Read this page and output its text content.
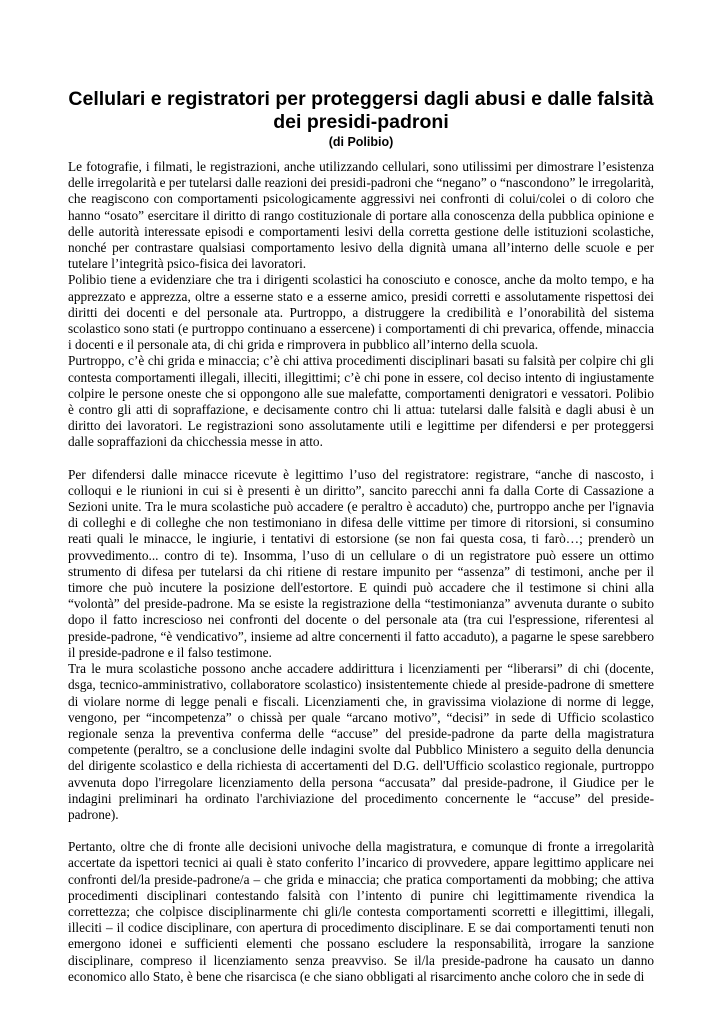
Cellulari e registratori per proteggersi dagli abusi e dalle falsità dei presidi-padroni
(di Polibio)

Le fotografie, i filmati, le registrazioni, anche utilizzando cellulari, sono utilissimi per dimostrare l’esistenza delle irregolarità e per tutelarsi dalle reazioni dei presidi-padroni che “negano” o “nascondono” le irregolarità, che reagiscono con comportamenti psicologicamente aggressivi nei confronti di colui/colei o di coloro che hanno “osato” esercitare il diritto di rango costituzionale di portare alla conoscenza della pubblica opinione e delle autorità interessate episodi e comportamenti lesivi della corretta gestione delle istituzioni scolastiche, nonché per contrastare qualsiasi comportamento lesivo della dignità umana all’interno delle scuole e per tutelare l’integrità psico-fisica dei lavoratori.

Polibio tiene a evidenziare che tra i dirigenti scolastici ha conosciuto e conosce, anche da molto tempo, e ha apprezzato e apprezza, oltre a esserne stato e a esserne amico, presidi corretti e assolutamente rispettosi dei diritti dei docenti e del personale ata. Purtroppo, a distruggere la credibilità e l’onorabilità del sistema scolastico sono stati (e purtroppo continuano a essercene) i comportamenti di chi prevarica, offende, minaccia i docenti e il personale ata, di chi grida e rimprovera in pubblico all’interno della scuola.

Purtroppo, c’è chi grida e minaccia; c’è chi attiva procedimenti disciplinari basati su falsità per colpire chi gli contesta comportamenti illegali, illeciti, illegittimi; c’è chi pone in essere, col deciso intento di ingiustamente colpire le persone oneste che si oppongono alle sue malefatte, comportamenti denigratori e vessatori. Polibio è contro gli atti di sopraffazione, e decisamente contro chi li attua: tutelarsi dalle falsità e dagli abusi è un diritto dei lavoratori. Le registrazioni sono assolutamente utili e legittime per difendersi e per proteggersi dalle sopraffazioni da chicchessia messe in atto.

Per difendersi dalle minacce ricevute è legittimo l’uso del registratore: registrare, “anche di nascosto, i colloqui e le riunioni in cui si è presenti è un diritto”, sancito parecchi anni fa dalla Corte di Cassazione a Sezioni unite. Tra le mura scolastiche può accadere (e peraltro è accaduto) che, purtroppo anche per l'ignavia di colleghi e di colleghe che non testimoniano in difesa delle vittime per timore di ritorsioni, si consumino reati quali le minacce, le ingiurie, i tentativi di estorsione (se non fai questa cosa, ti farò…; prenderò un provvedimento... contro di te). Insomma, l’uso di un cellulare o di un registratore può essere un ottimo strumento di difesa per tutelarsi da chi ritiene di restare impunito per “assenza” di testimoni, anche per il timore che può incutere la posizione dell'estortore. E quindi può accadere che il testimone si chini alla “volontà” del preside-padrone. Ma se esiste la registrazione della “testimonianza” avvenuta durante o subito dopo il fatto increscioso nei confronti del docente o del personale ata (tra cui l'espressione, riferentesi al preside-padrone, “è vendicativo”, insieme ad altre concernenti il fatto accaduto), a pagarne le spese sarebbero il preside-padrone e il falso testimone.

Tra le mura scolastiche possono anche accadere addirittura i licenziamenti per “liberarsi” di chi (docente, dsga, tecnico-amministrativo, collaboratore scolastico) insistentemente chiede al preside-padrone di smettere di violare norme di legge penali e fiscali. Licenziamenti che, in gravissima violazione di norme di legge, vengono, per “incompetenza” o chissà per quale “arcano motivo”, “decisi” in sede di Ufficio scolastico regionale senza la preventiva conferma delle “accuse” del preside-padrone da parte della magistratura competente (peraltro, se a conclusione delle indagini svolte dal Pubblico Ministero a seguito della denuncia del dirigente scolastico e della richiesta di accertamenti del D.G. dell'Ufficio scolastico regionale, purtroppo avvenuta dopo l'irregolare licenziamento della persona “accusata” dal preside-padrone, il Giudice per le indagini preliminari ha ordinato l'archiviazione del procedimento concernente le “accuse” del preside-padrone).

Pertanto, oltre che di fronte alle decisioni univoche della magistratura, e comunque di fronte a irregolarità accertate da ispettori tecnici ai quali è stato conferito l’incarico di provvedere, appare legittimo applicare nei confronti del/la preside-padrone/a – che grida e minaccia; che pratica comportamenti da mobbing; che attiva procedimenti disciplinari contestando falsità con l’intento di punire chi legittimamente rivendica la correttezza; che colpisce disciplinarmente chi gli/le contesta comportamenti scorretti e illegittimi, illegali, illeciti – il codice disciplinare, con apertura di procedimento disciplinare. E se dai comportamenti tenuti non emergono idonei e sufficienti elementi che possano escludere la responsabilità, irrogare la sanzione disciplinare, compreso il licenziamento senza preavviso. Se il/la preside-padrone ha causato un danno economico allo Stato, è bene che risarcisca (e che siano obbligati al risarcimento anche coloro che in sede di
